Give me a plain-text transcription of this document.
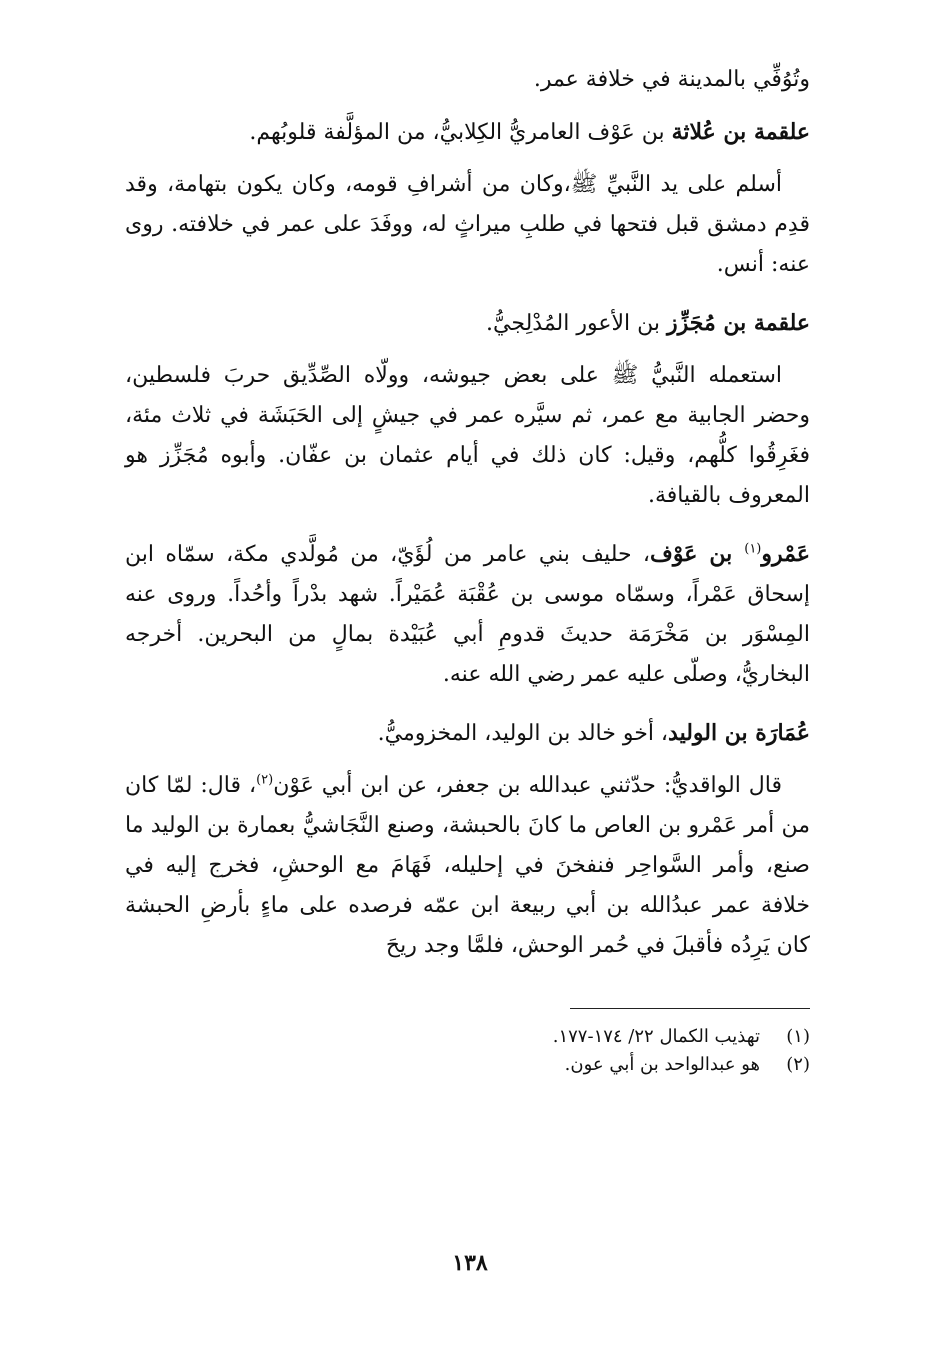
وتُوُفِّي بالمدينة في خلافة عمر.

علقمة بن عُلاثة بن عَوْف العامريُّ الكِلابيُّ، من المؤلَّفة قلوبُهم.

أسلم على يد النَّبيِّ ﷺ،وكان من أشرافِ قومه، وكان يكون بتهامة، وقد قدِم دمشق قبل فتحها في طلبِ ميراثٍ له، ووفَدَ على عمر في خلافته. روى عنه: أنس.

علقمة بن مُجَزِّز بن الأعور المُدْلِجيُّ.

استعمله النَّبيُّ ﷺ على بعض جيوشه، وولّاه الصِّدِّيق حربَ فلسطين، وحضر الجابية مع عمر، ثم سيَّره عمر في جيشٍ إلى الحَبَشَة في ثلاث مئة، فغَرِقُوا كلُّهم، وقيل: كان ذلك في أيام عثمان بن عفّان. وأبوه مُجَزِّز هو المعروف بالقيافة.

عَمْرو$^{(١)}$ بن عَوْف، حليف بني عامر من لُؤَيّ، من مُولَّدي مكة، سمّاه ابن إسحاق عَمْراً، وسمّاه موسى بن عُقْبَة عُمَيْراً. شهد بدْراً وأحُداً. وروى عنه المِسْوَر بن مَخْرَمَة حديثَ قدومِ أبي عُبَيْدة بمالٍ من البحرين. أخرجه البخاريُّ، وصلّى عليه عمر رضي الله عنه.

عُمَارَة بن الوليد، أخو خالد بن الوليد، المخزوميُّ.

قال الواقديُّ: حدّثني عبدالله بن جعفر، عن ابن أبي عَوْن$^{(٢)}$، قال: لمّا كان من أمر عَمْرو بن العاص ما كانَ بالحبشة، وصنع النَّجَاشيُّ بعمارة بن الوليد ما صنع، وأمر السَّواحِر فنفخنَ في إحليله، فَهَامَ مع الوحشِ، فخرج إليه في خلافة عمر عبدُالله بن أبي ربيعة ابن عمّه فرصده على ماءٍ بأرضِ الحبشة كان يَرِدُه فأقبلَ في حُمر الوحش، فلمَّا وجد ريحَ

(١)تهذيب الكمال ٢٢/ ١٧٤-١٧٧.

(٢)هو عبدالواحد بن أبي عون.

١٣٨
